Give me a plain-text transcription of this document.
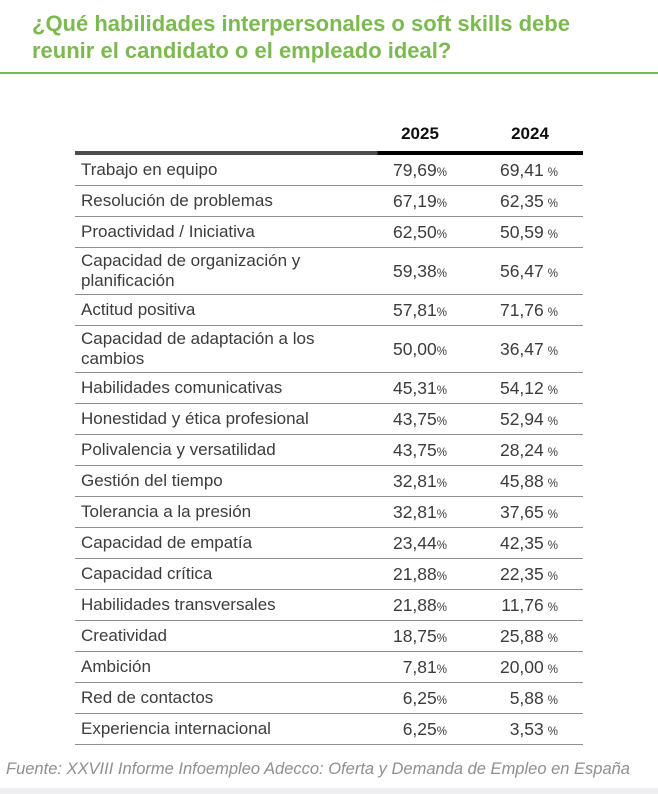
¿Qué habilidades interpersonales o soft skills debe reunir el candidato o el empleado ideal?
2025	2024
Trabajo en equipo	79,69%	69,41 %
Resolución de problemas	67,19%	62,35 %
Proactividad / Iniciativa	62,50%	50,59 %
Capacidad de organización y planificación	59,38%	56,47 %
Actitud positiva	57,81%	71,76 %
Capacidad de adaptación a los cambios	50,00%	36,47 %
Habilidades comunicativas	45,31%	54,12 %
Honestidad y ética profesional	43,75%	52,94 %
Polivalencia y versatilidad	43,75%	28,24 %
Gestión del tiempo	32,81%	45,88 %
Tolerancia a la presión	32,81%	37,65 %
Capacidad de empatía	23,44%	42,35 %
Capacidad crítica	21,88%	22,35 %
Habilidades transversales	21,88%	11,76 %
Creatividad	18,75%	25,88 %
Ambición	7,81%	20,00 %
Red de contactos	6,25%	5,88 %
Experiencia internacional	6,25%	3,53 %

Fuente: XXVIII Informe Infoempleo Adecco: Oferta y Demanda de Empleo en España
